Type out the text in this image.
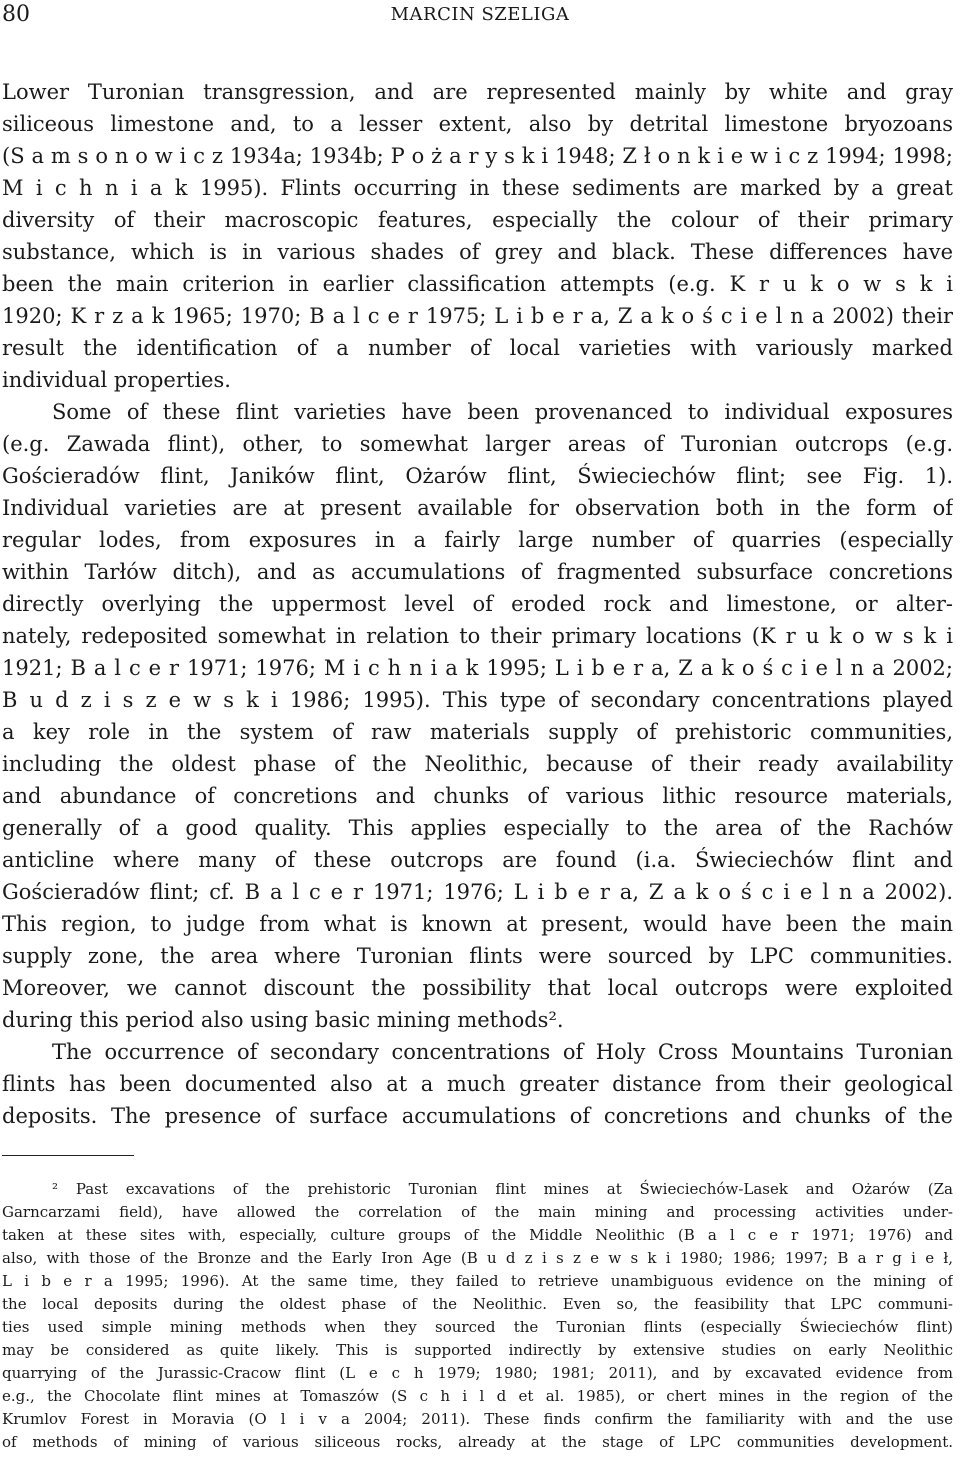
80	MARCIN SZELIGA
Lower Turonian transgression, and are represented mainly by white and gray
siliceous limestone and, to a lesser extent, also by detrital limestone bryozoans
(S a m s o n o w i c z 1934a; 1934b; P o ż a r y s k i 1948; Z ł o n k i e w i c z 1994; 1998;
M i c h n i a k 1995). Flints occurring in these sediments are marked by a great
diversity of their macroscopic features, especially the colour of their primary
substance, which is in various shades of grey and black. These differences have
been the main criterion in earlier classification attempts (e.g. K r u k o w s k i
1920; K r z a k 1965; 1970; B a l c e r 1975; L i b e r a, Z a k o ś c i e l n a 2002) their
result the identification of a number of local varieties with variously marked
individual properties.
Some of these flint varieties have been provenanced to individual exposures
(e.g. Zawada flint), other, to somewhat larger areas of Turonian outcrops (e.g.
Gościeradów flint, Janików flint, Ożarów flint, Świeciechów flint; see Fig. 1).
Individual varieties are at present available for observation both in the form of
regular lodes, from exposures in a fairly large number of quarries (especially
within Tarłów ditch), and as accumulations of fragmented subsurface concretions
directly overlying the uppermost level of eroded rock and limestone, or alter-
nately, redeposited somewhat in relation to their primary locations (K r u k o w s k i
1921; B a l c e r 1971; 1976; M i c h n i a k 1995; L i b e r a, Z a k o ś c i e l n a 2002;
B u d z i s z e w s k i 1986; 1995). This type of secondary concentrations played
a key role in the system of raw materials supply of prehistoric communities,
including the oldest phase of the Neolithic, because of their ready availability
and abundance of concretions and chunks of various lithic resource materials,
generally of a good quality. This applies especially to the area of the Rachów
anticline where many of these outcrops are found (i.a. Świeciechów flint and
Gościeradów flint; cf. B a l c e r 1971; 1976; L i b e r a, Z a k o ś c i e l n a 2002).
This region, to judge from what is known at present, would have been the main
supply zone, the area where Turonian flints were sourced by LPC communities.
Moreover, we cannot discount the possibility that local outcrops were exploited
during this period also using basic mining methods².
The occurrence of secondary concentrations of Holy Cross Mountains Turonian
flints has been documented also at a much greater distance from their geological
deposits. The presence of surface accumulations of concretions and chunks of the
² Past excavations of the prehistoric Turonian flint mines at Świeciechów-Lasek and Ożarów (Za
Garncarzami field), have allowed the correlation of the main mining and processing activities under-
taken at these sites with, especially, culture groups of the Middle Neolithic (B a l c e r 1971; 1976) and
also, with those of the Bronze and the Early Iron Age (B u d z i s z e w s k i 1980; 1986; 1997; B a r g i e ł,
L i b e r a 1995; 1996). At the same time, they failed to retrieve unambiguous evidence on the mining of
the local deposits during the oldest phase of the Neolithic. Even so, the feasibility that LPC communi-
ties used simple mining methods when they sourced the Turonian flints (especially Świeciechów flint)
may be considered as quite likely. This is supported indirectly by extensive studies on early Neolithic
quarrying of the Jurassic-Cracow flint (L e c h 1979; 1980; 1981; 2011), and by excavated evidence from
e.g., the Chocolate flint mines at Tomaszów (S c h i l d et al. 1985), or chert mines in the region of the
Krumlov Forest in Moravia (O l i v a 2004; 2011). These finds confirm the familiarity with and the use
of methods of mining of various siliceous rocks, already at the stage of LPC communities development.
